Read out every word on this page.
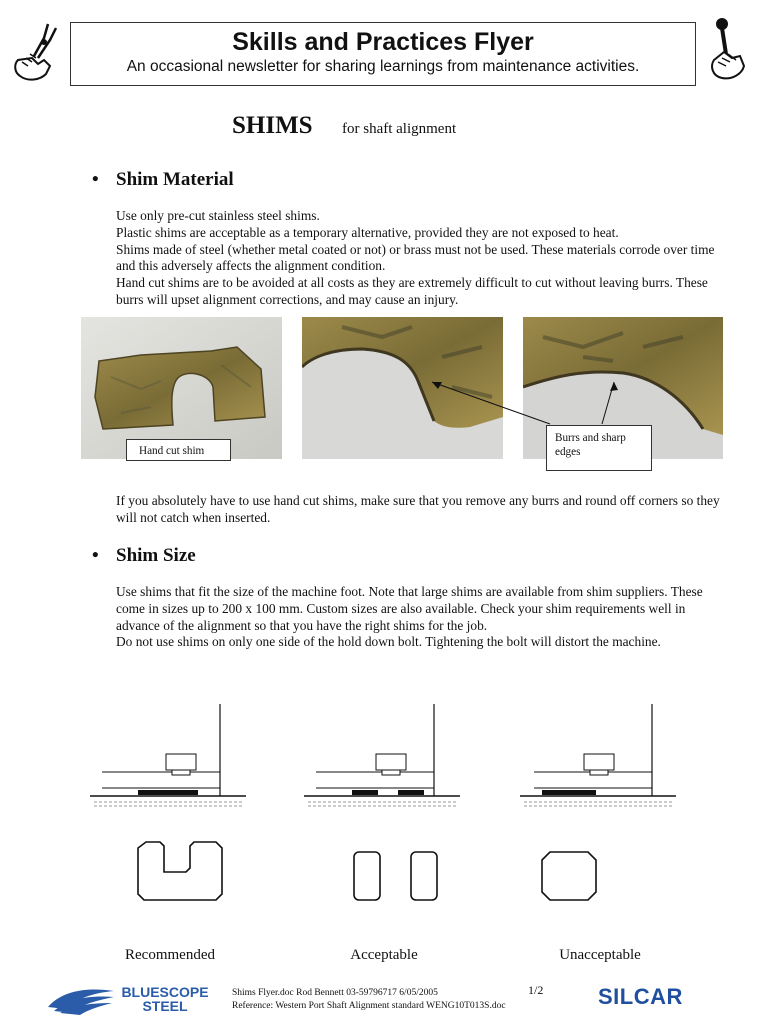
Skills and Practices Flyer
An occasional newsletter for sharing learnings from maintenance activities.
SHIMS for shaft alignment
• Shim Material

Use only pre-cut stainless steel shims.

Plastic shims are acceptable as a temporary alternative, provided they are not exposed to heat.

Shims made of steel (whether metal coated or not) or brass must not be used. These materials corrode over time and this adversely affects the alignment condition.

Hand cut shims are to be avoided at all costs as they are extremely difficult to cut without leaving burrs. These burrs will upset alignment corrections, and may cause an injury.

Hand cut shim
Burrs and sharp edges
If you absolutely have to use hand cut shims, make sure that you remove any burrs and round off corners so they will not catch when inserted.
• Shim Size

Use shims that fit the size of the machine foot. Note that large shims are available from shim suppliers. These come in sizes up to 200 x 100 mm. Custom sizes are also available. Check your shim requirements well in advance of the alignment so that you have the right shims for the job.

Do not use shims on only one side of the hold down bolt. Tightening the bolt will distort the machine.

Recommended	Acceptable	Unacceptable
BLUESCOPE
STEEL
Shims Flyer.doc Rod Bennett 03-59796717 6/05/2005
Reference: Western Port Shaft Alignment standard WENG10T013S.doc
1/2 SILCAR
